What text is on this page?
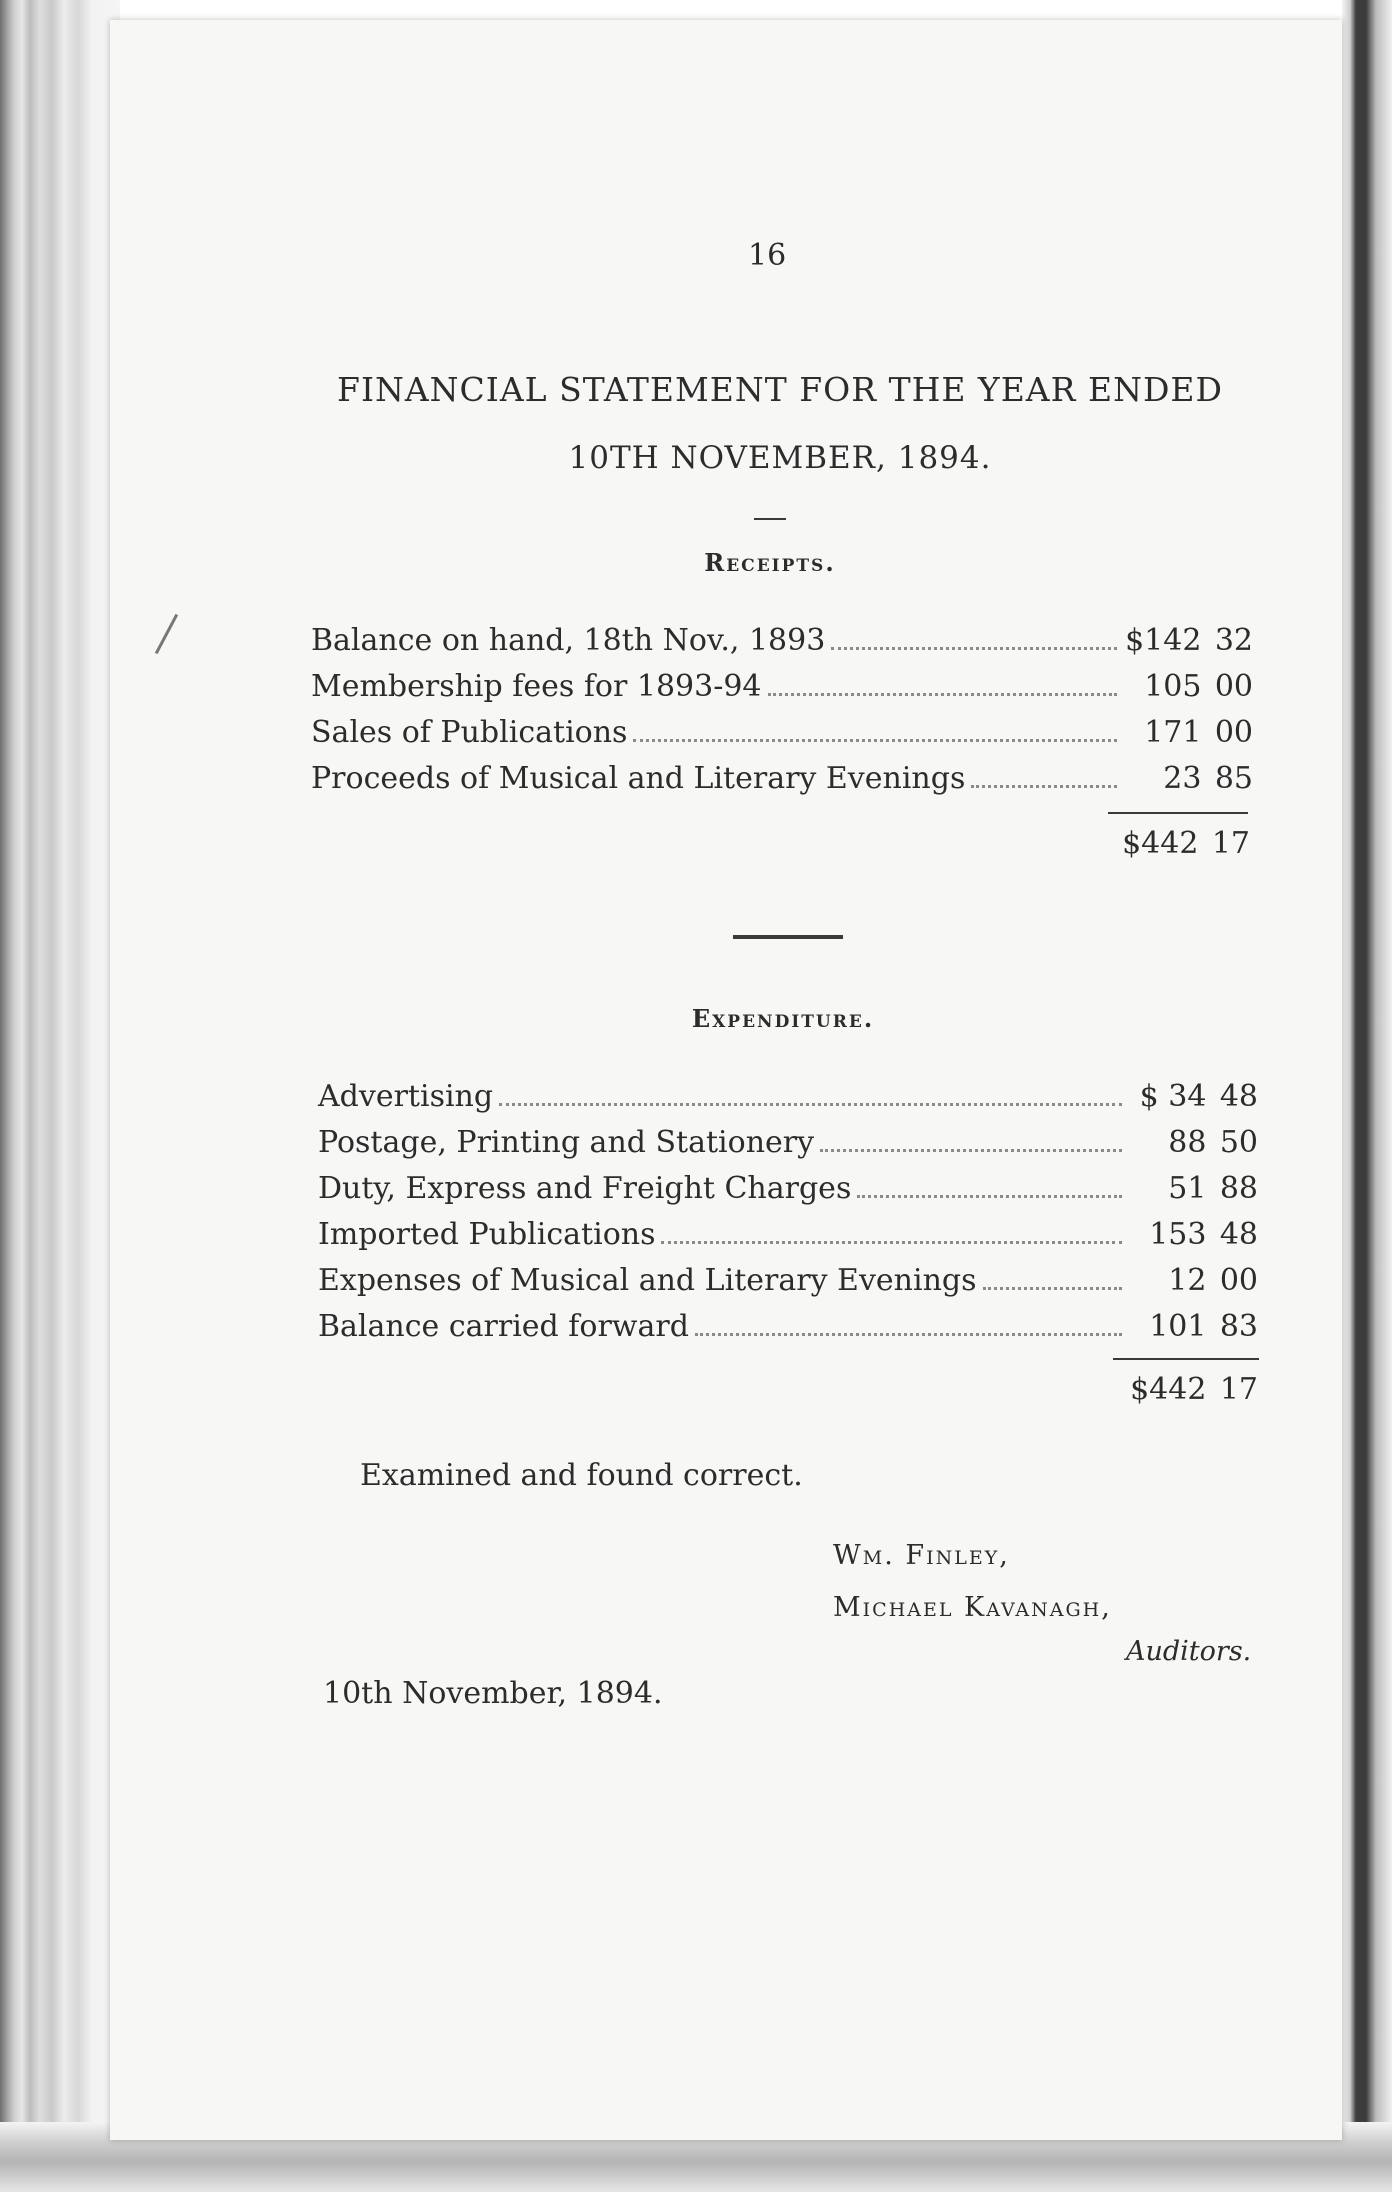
16
FINANCIAL STATEMENT FOR THE YEAR ENDED
10TH NOVEMBER, 1894.
Receipts.
Balance on hand, 18th Nov., 1893	$142 32
Membership fees for 1893-94	105 00
Sales of Publications	171 00
Proceeds of Musical and Literary Evenings	23 85
$442 17
Expenditure.
Advertising	$ 34 48
Postage, Printing and Stationery	88 50
Duty, Express and Freight Charges	51 88
Imported Publications	153 48
Expenses of Musical and Literary Evenings	12 00
Balance carried forward	101 83
$442 17
Examined and found correct.
Wm. Finley,
Michael Kavanagh,
Auditors.
10th November, 1894.
